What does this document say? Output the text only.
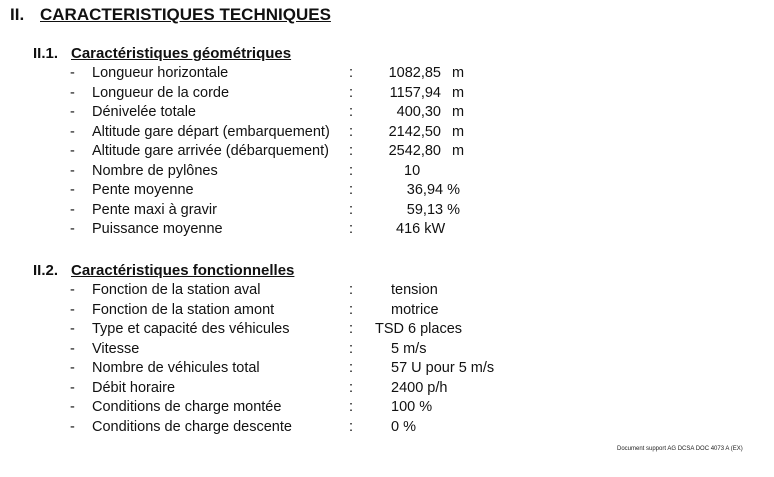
II. CARACTERISTIQUES TECHNIQUES
II.1. Caractéristiques géométriques
- Longueur horizontale	:	1082,85 m
- Longueur de la corde	:	1157,94 m
- Dénivelée totale	:	400,30 m
- Altitude gare départ (embarquement) :	2142,50 m
- Altitude gare arrivée (débarquement) :	2542,80 m
- Nombre de pylônes	:	10
- Pente moyenne	:	36,94 %
- Pente maxi à gravir	:	59,13 %
- Puissance moyenne	:	416 kW
II.2. Caractéristiques fonctionnelles
- Fonction de la station aval	:	tension
- Fonction de la station amont	:	motrice
- Type et capacité des véhicules	: TSD 6 places
- Vitesse	:	5 m/s
- Nombre de véhicules total	:	57 U pour 5 m/s
- Débit horaire	:	2400 p/h
- Conditions de charge montée	:	100 %
- Conditions de charge descente	:	0 %
Document support AG DCSA DOC 4073 A (EX)
